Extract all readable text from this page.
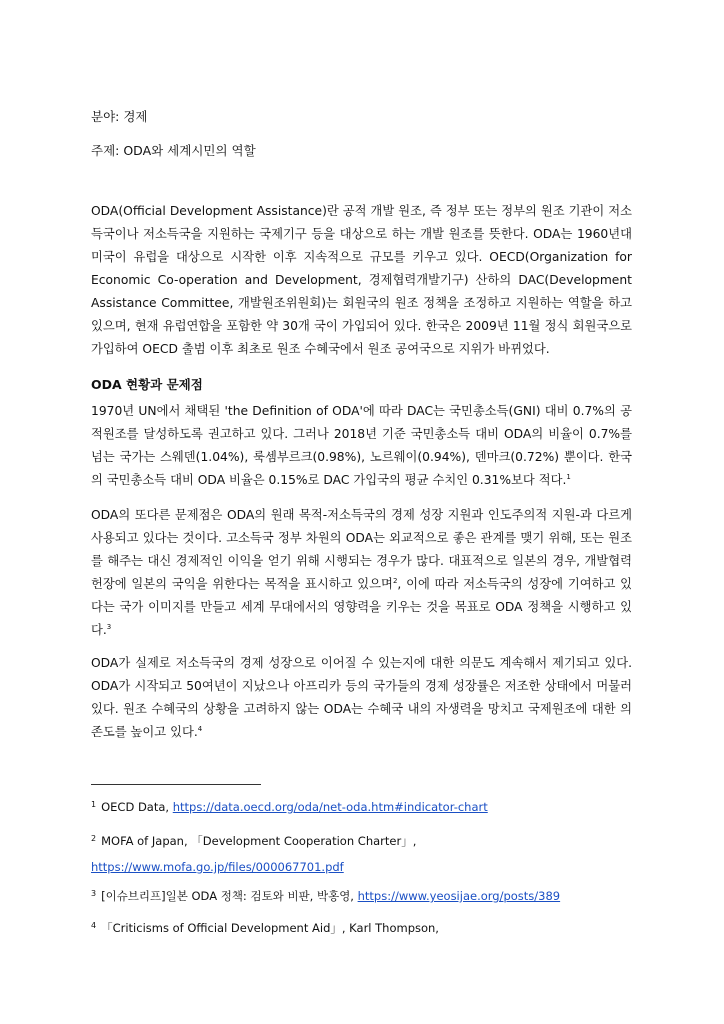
분야: 경제
주제: ODA와 세계시민의 역할
ODA(Official Development Assistance)란 공적 개발 원조, 즉 정부 또는 정부의 원조 기관이 저소득국이나 저소득국을 지원하는 국제기구 등을 대상으로 하는 개발 원조를 뜻한다. ODA는 1960년대 미국이 유럽을 대상으로 시작한 이후 지속적으로 규모를 키우고 있다. OECD(Organization for Economic Co-operation and Development, 경제협력개발기구) 산하의 DAC(Development Assistance Committee, 개발원조위원회)는 회원국의 원조 정책을 조정하고 지원하는 역할을 하고 있으며, 현재 유럽연합을 포함한 약 30개 국이 가입되어 있다. 한국은 2009년 11월 정식 회원국으로 가입하여 OECD 출범 이후 최초로 원조 수혜국에서 원조 공여국으로 지위가 바뀌었다.
ODA 현황과 문제점
1970년 UN에서 채택된 'the Definition of ODA'에 따라 DAC는 국민총소득(GNI) 대비 0.7%의 공적원조를 달성하도록 권고하고 있다. 그러나 2018년 기준 국민총소득 대비 ODA의 비율이 0.7%를 넘는 국가는 스웨덴(1.04%), 룩셈부르크(0.98%), 노르웨이(0.94%), 덴마크(0.72%) 뿐이다. 한국의 국민총소득 대비 ODA 비율은 0.15%로 DAC 가입국의 평균 수치인 0.31%보다 적다.$^1$
ODA의 또다른 문제점은 ODA의 원래 목적-저소득국의 경제 성장 지원과 인도주의적 지원-과 다르게 사용되고 있다는 것이다. 고소득국 정부 차원의 ODA는 외교적으로 좋은 관계를 맺기 위해, 또는 원조를 해주는 대신 경제적인 이익을 얻기 위해 시행되는 경우가 많다. 대표적으로 일본의 경우, 개발협력헌장에 일본의 국익을 위한다는 목적을 표시하고 있으며$^2$, 이에 따라 저소득국의 성장에 기여하고 있다는 국가 이미지를 만들고 세계 무대에서의 영향력을 키우는 것을 목표로 ODA 정책을 시행하고 있다.$^3$
ODA가 실제로 저소득국의 경제 성장으로 이어질 수 있는지에 대한 의문도 계속해서 제기되고 있다. ODA가 시작되고 50여년이 지났으나 아프리카 등의 국가들의 경제 성장률은 저조한 상태에서 머물러 있다. 원조 수혜국의 상황을 고려하지 않는 ODA는 수혜국 내의 자생력을 망치고 국제원조에 대한 의존도를 높이고 있다.$^4$
$^1$ OECD Data, https://data.oecd.org/oda/net-oda.htm#indicator-chart
$^2$ MOFA of Japan, 「Development Cooperation Charter」,
https://www.mofa.go.jp/files/000067701.pdf
$^3$ [이슈브리프]일본 ODA 정책: 검토와 비판, 박홍영, https://www.yeosijae.org/posts/389
$^4$ 「Criticisms of Official Development Aid」, Karl Thompson,
